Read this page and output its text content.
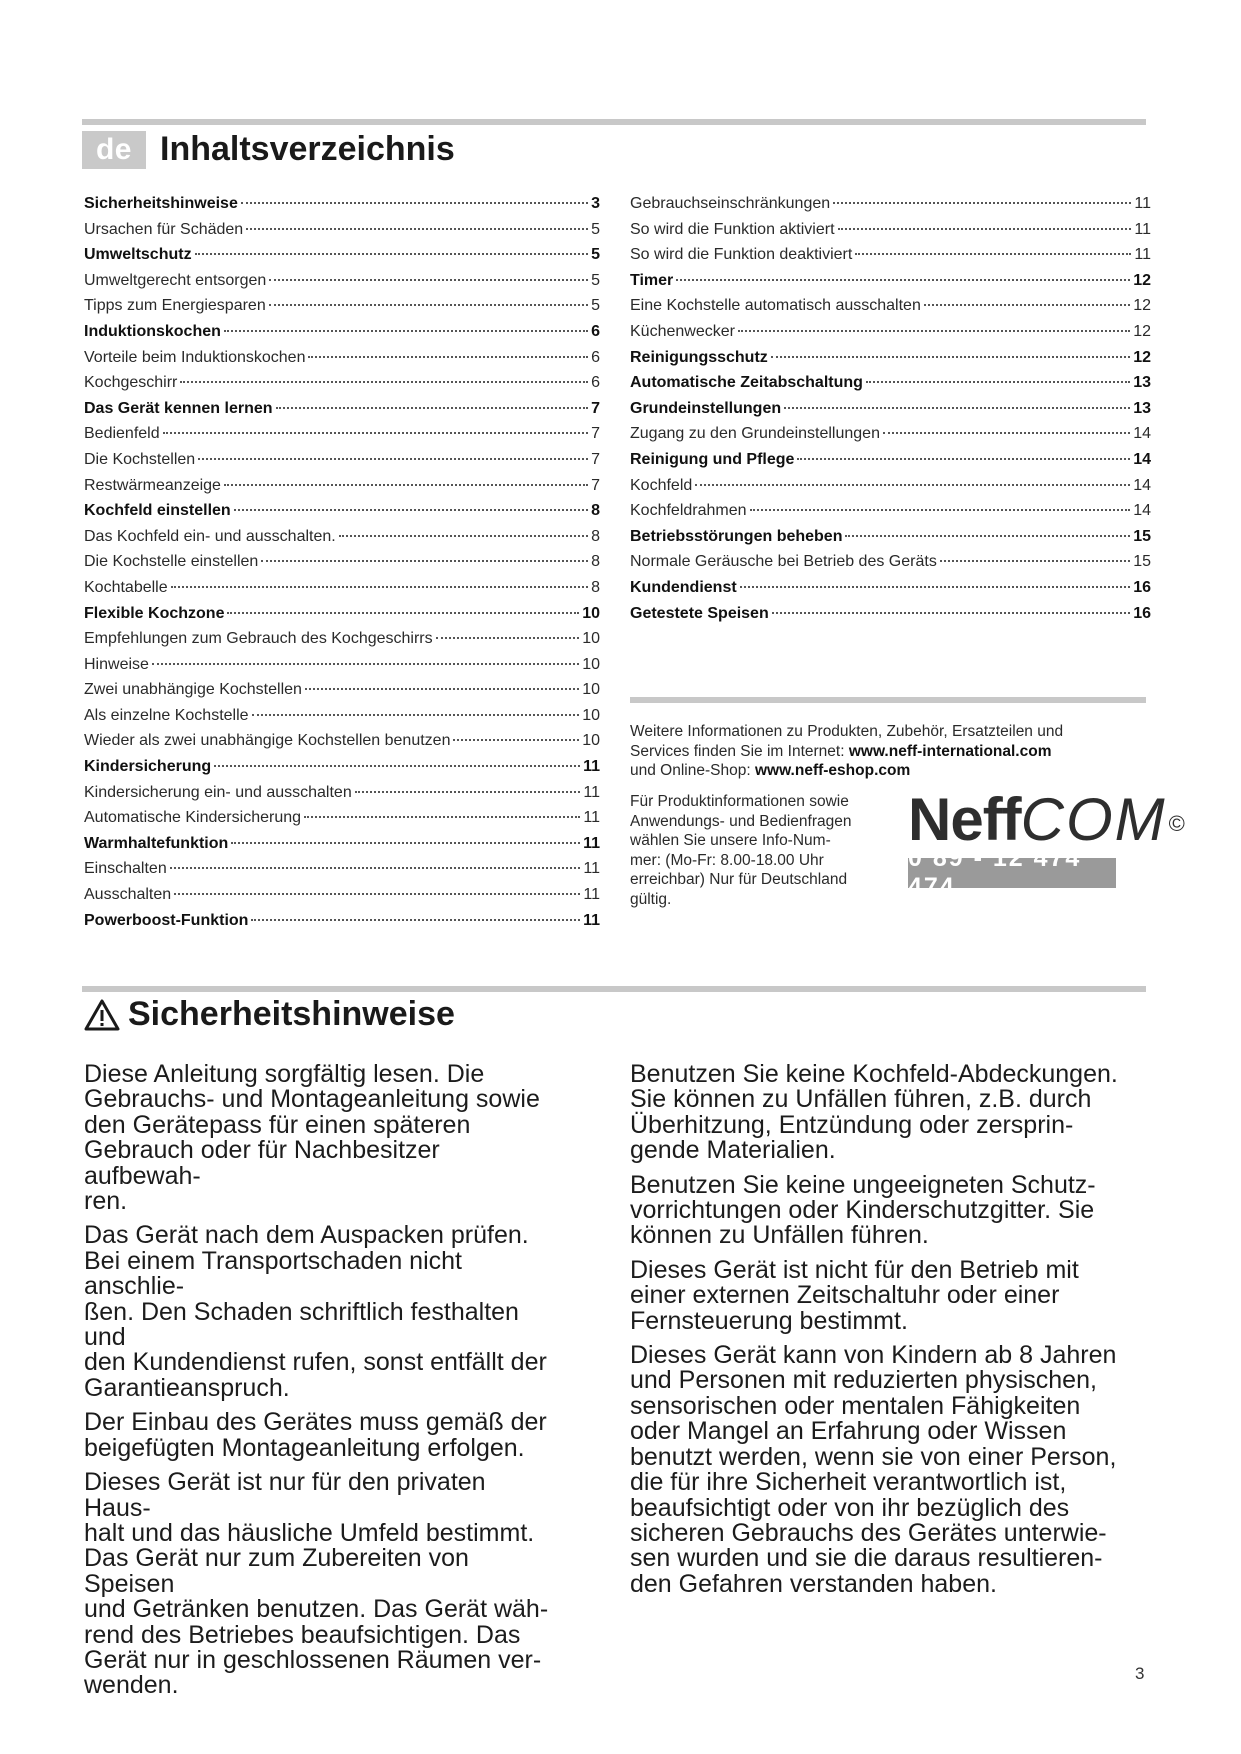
de Inhaltsverzeichnis
Sicherheitshinweise	3
Ursachen für Schäden	5
Umweltschutz	5
Umweltgerecht entsorgen	5
Tipps zum Energiesparen	5
Induktionskochen	6
Vorteile beim Induktionskochen	6
Kochgeschirr	6
Das Gerät kennen lernen	7
Bedienfeld	7
Die Kochstellen	7
Restwärmeanzeige	7
Kochfeld einstellen	8
Das Kochfeld ein- und ausschalten.	8
Die Kochstelle einstellen	8
Kochtabelle	8
Flexible Kochzone	10
Empfehlungen zum Gebrauch des Kochgeschirrs	10
Hinweise	10
Zwei unabhängige Kochstellen	10
Als einzelne Kochstelle	10
Wieder als zwei unabhängige Kochstellen benutzen	10
Kindersicherung	11
Kindersicherung ein- und ausschalten	11
Automatische Kindersicherung	11
Warmhaltefunktion	11
Einschalten	11
Ausschalten	11
Powerboost-Funktion	11
Gebrauchseinschränkungen	11
So wird die Funktion aktiviert	11
So wird die Funktion deaktiviert	11
Timer	12
Eine Kochstelle automatisch ausschalten	12
Küchenwecker	12
Reinigungsschutz	12
Automatische Zeitabschaltung	13
Grundeinstellungen	13
Zugang zu den Grundeinstellungen	14
Reinigung und Pflege	14
Kochfeld	14
Kochfeldrahmen	14
Betriebsstörungen beheben	15
Normale Geräusche bei Betrieb des Geräts	15
Kundendienst	16
Getestete Speisen	16
Weitere Informationen zu Produkten, Zubehör, Ersatzteilen und
Services finden Sie im Internet: www.neff-international.com
und Online-Shop: www.neff-eshop.com
Für Produktinformationen sowie
Anwendungs- und Bedienfragen
wählen Sie unsere Info-Num-
mer: (Mo-Fr: 8.00-18.00 Uhr
erreichbar) Nur für Deutschland
gültig.
Neff COM ©
0 89 - 12 474 474
Sicherheitshinweise

Diese Anleitung sorgfältig lesen. Die
Gebrauchs- und Montageanleitung sowie
den Gerätepass für einen späteren
Gebrauch oder für Nachbesitzer aufbewah-
ren.

Das Gerät nach dem Auspacken prüfen.
Bei einem Transportschaden nicht anschlie-
ßen. Den Schaden schriftlich festhalten und
den Kundendienst rufen, sonst entfällt der
Garantieanspruch.

Der Einbau des Gerätes muss gemäß der
beigefügten Montageanleitung erfolgen.

Dieses Gerät ist nur für den privaten Haus-
halt und das häusliche Umfeld bestimmt.
Das Gerät nur zum Zubereiten von Speisen
und Getränken benutzen. Das Gerät wäh-
rend des Betriebes beaufsichtigen. Das
Gerät nur in geschlossenen Räumen ver-
wenden.

Benutzen Sie keine Kochfeld-Abdeckungen.
Sie können zu Unfällen führen, z.B. durch
Überhitzung, Entzündung oder zersprin-
gende Materialien.

Benutzen Sie keine ungeeigneten Schutz-
vorrichtungen oder Kinderschutzgitter. Sie
können zu Unfällen führen.

Dieses Gerät ist nicht für den Betrieb mit
einer externen Zeitschaltuhr oder einer
Fernsteuerung bestimmt.

Dieses Gerät kann von Kindern ab 8 Jahren
und Personen mit reduzierten physischen,
sensorischen oder mentalen Fähigkeiten
oder Mangel an Erfahrung oder Wissen
benutzt werden, wenn sie von einer Person,
die für ihre Sicherheit verantwortlich ist,
beaufsichtigt oder von ihr bezüglich des
sicheren Gebrauchs des Gerätes unterwie-
sen wurden und sie die daraus resultieren-
den Gefahren verstanden haben.

3
